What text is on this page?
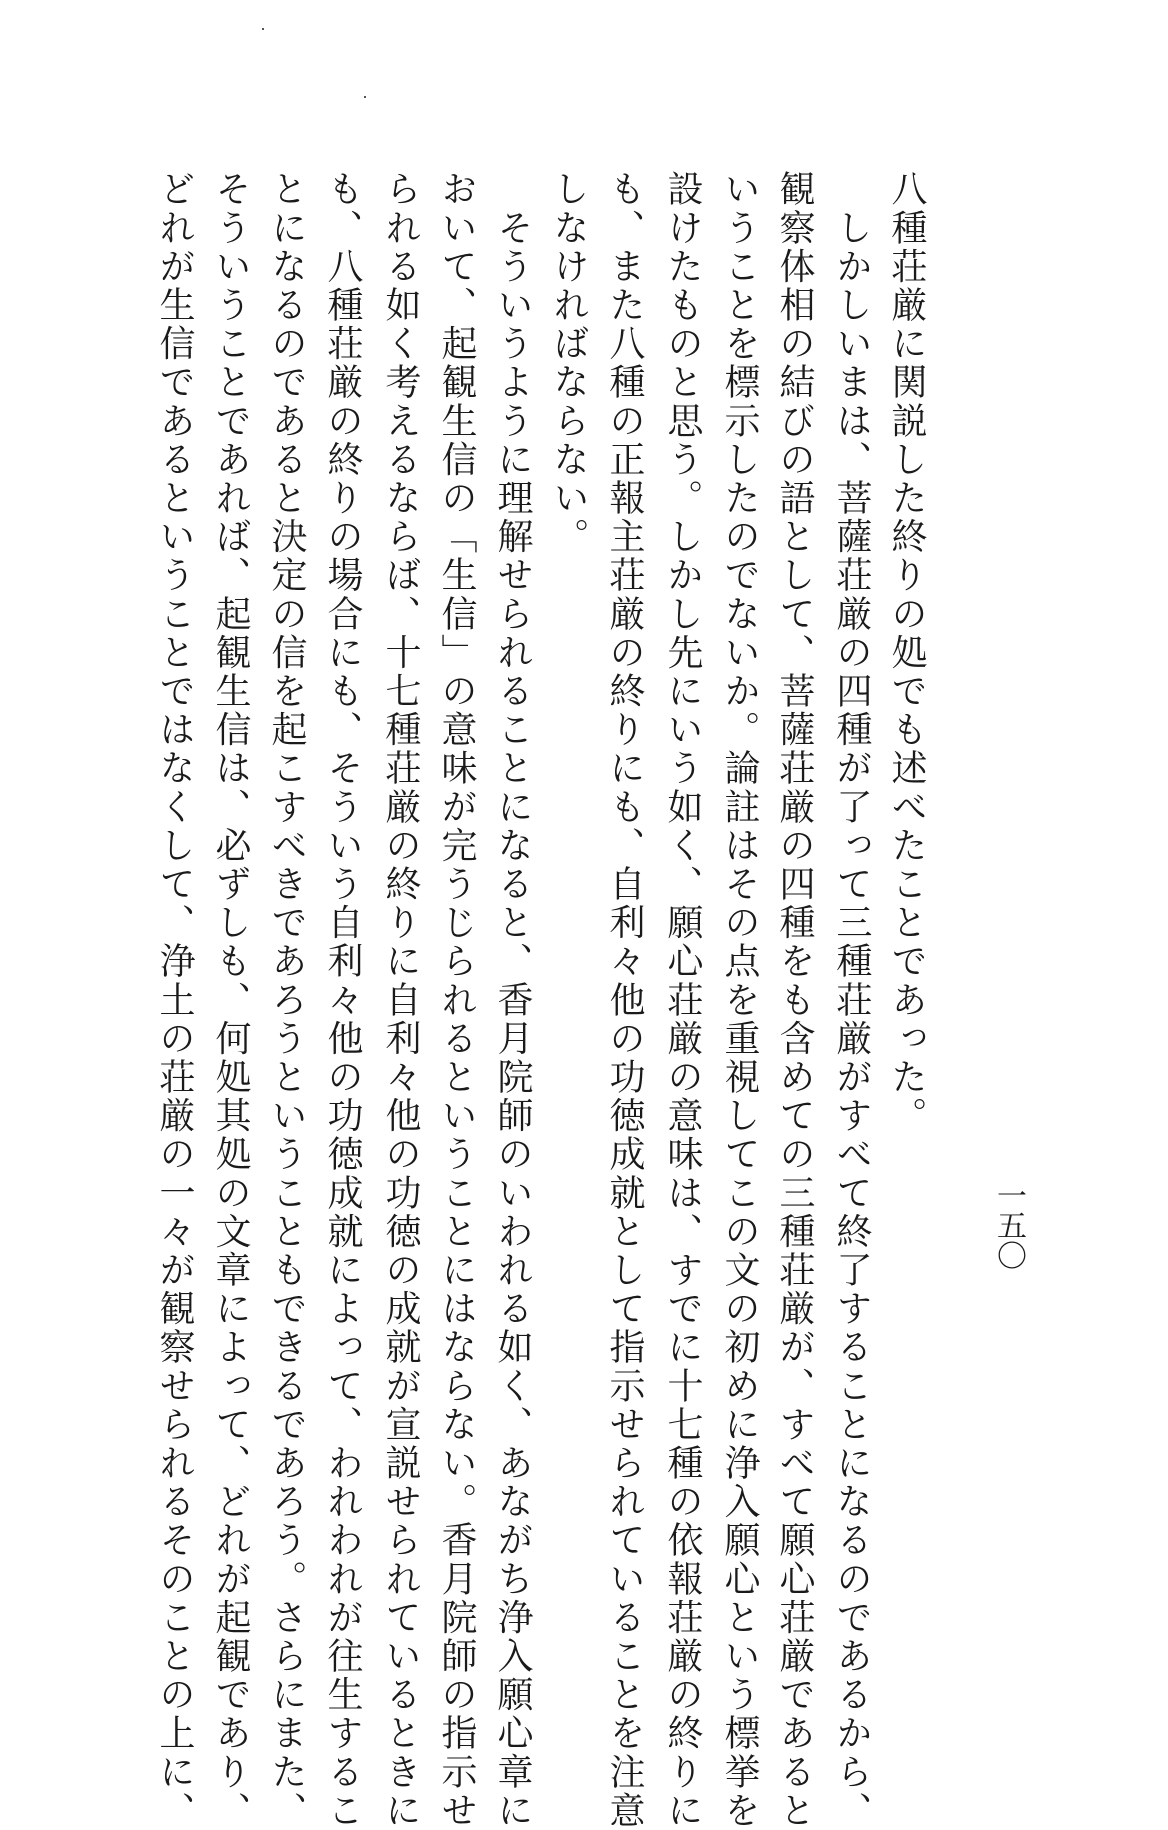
一五〇
八種荘厳に関説した終りの処でも述べたことであった。
　しかしいまは、菩薩荘厳の四種が了って三種荘厳がすべて終了することになるのであるから、
観察体相の結びの語として、菩薩荘厳の四種をも含めての三種荘厳が、すべて願心荘厳であると
いうことを標示したのでないか。論註はその点を重視してこの文の初めに浄入願心という標挙を
設けたものと思う。しかし先にいう如く、願心荘厳の意味は、すでに十七種の依報荘厳の終りに
も、また八種の正報主荘厳の終りにも、自利々他の功徳成就として指示せられていることを注意
しなければならない。
　そういうように理解せられることになると、香月院師のいわれる如く、あながち浄入願心章に
おいて、起観生信の「生信」の意味が完うじられるということにはならない。香月院師の指示せ
られる如く考えるならば、十七種荘厳の終りに自利々他の功徳の成就が宣説せられているときに
も、八種荘厳の終りの場合にも、そういう自利々他の功徳成就によって、われわれが往生するこ
とになるのであると決定の信を起こすべきであろうということもできるであろう。さらにまた、
そういうことであれば、起観生信は、必ずしも、何処其処の文章によって、どれが起観であり、
どれが生信であるということではなくして、浄土の荘厳の一々が観察せられるそのことの上に、
